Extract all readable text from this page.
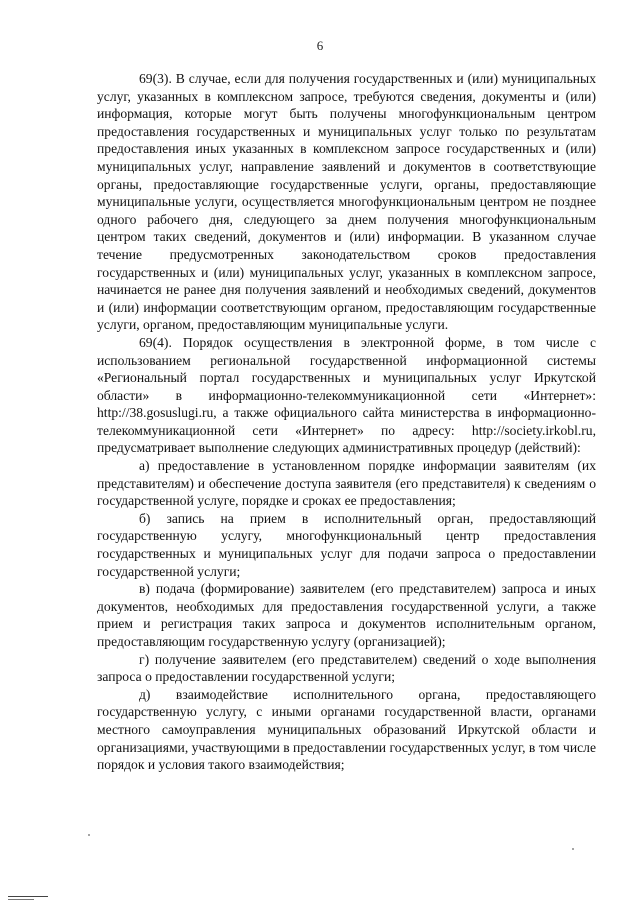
6

69(3). В случае, если для получения государственных и (или) муниципальных услуг, указанных в комплексном запросе, требуются сведения, документы и (или) информация, которые могут быть получены многофункциональным центром предоставления государственных и муниципальных услуг только по результатам предоставления иных указанных в комплексном запросе государственных и (или) муниципальных услуг, направление заявлений и документов в соответствующие органы, предоставляющие государственные услуги, органы, предоставляющие муниципальные услуги, осуществляется многофункциональным центром не позднее одного рабочего дня, следующего за днем получения многофункциональным центром таких сведений, документов и (или) информации. В указанном случае течение предусмотренных законодательством сроков предоставления государственных и (или) муниципальных услуг, указанных в комплексном запросе, начинается не ранее дня получения заявлений и необходимых сведений, документов и (или) информации соответствующим органом, предоставляющим государственные услуги, органом, предоставляющим муниципальные услуги.

69(4). Порядок осуществления в электронной форме, в том числе с использованием региональной государственной информационной системы «Региональный портал государственных и муниципальных услуг Иркутской области» в информационно-телекоммуникационной сети «Интернет»: http://38.gosuslugi.ru, а также официального сайта министерства в информационно-телекоммуникационной сети «Интернет» по адресу: http://society.irkobl.ru, предусматривает выполнение следующих административных процедур (действий):

а) предоставление в установленном порядке информации заявителям (их представителям) и обеспечение доступа заявителя (его представителя) к сведениям о государственной услуге, порядке и сроках ее предоставления;

б) запись на прием в исполнительный орган, предоставляющий государственную услугу, многофункциональный центр предоставления государственных и муниципальных услуг для подачи запроса о предоставлении государственной услуги;

в) подача (формирование) заявителем (его представителем) запроса и иных документов, необходимых для предоставления государственной услуги, а также прием и регистрация таких запроса и документов исполнительным органом, предоставляющим государственную услугу (организацией);

г) получение заявителем (его представителем) сведений о ходе выполнения запроса о предоставлении государственной услуги;

д) взаимодействие исполнительного органа, предоставляющего государственную услугу, с иными органами государственной власти, органами местного самоуправления муниципальных образований Иркутской области и организациями, участвующими в предоставлении государственных услуг, в том числе порядок и условия такого взаимодействия;
